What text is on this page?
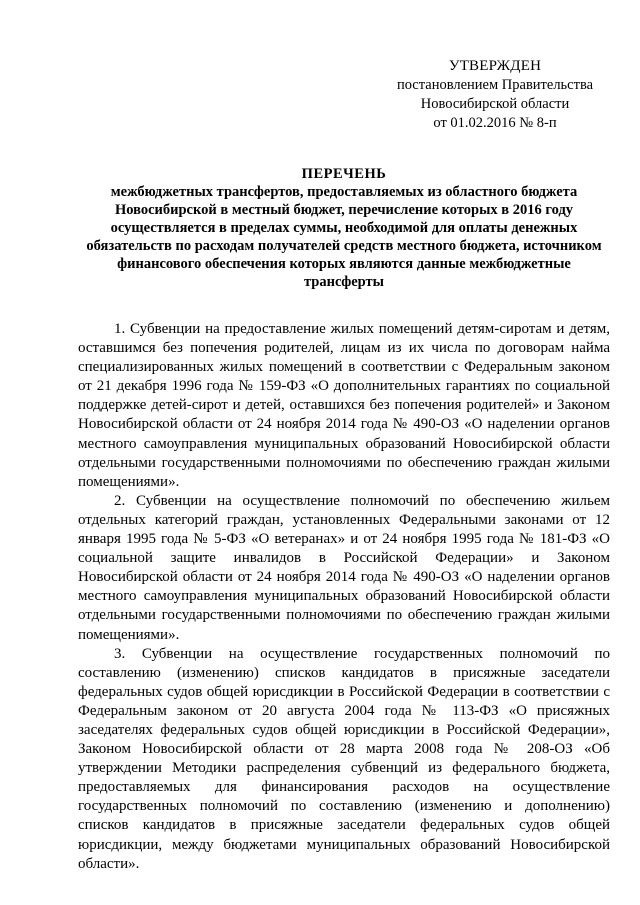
УТВЕРЖДЕН
постановлением Правительства
Новосибирской области
от 01.02.2016 № 8-п
ПЕРЕЧЕНЬ
межбюджетных трансфертов, предоставляемых из областного бюджета Новосибирской в местный бюджет, перечисление которых в 2016 году осуществляется в пределах суммы, необходимой для оплаты денежных обязательств по расходам получателей средств местного бюджета, источником финансового обеспечения которых являются данные межбюджетные трансферты

1. Субвенции на предоставление жилых помещений детям-сиротам и детям, оставшимся без попечения родителей, лицам из их числа по договорам найма специализированных жилых помещений в соответствии с Федеральным законом от 21 декабря 1996 года № 159-ФЗ «О дополнительных гарантиях по социальной поддержке детей-сирот и детей, оставшихся без попечения родителей» и Законом Новосибирской области от 24 ноября 2014 года № 490-ОЗ «О наделении органов местного самоуправления муниципальных образований Новосибирской области отдельными государственными полномочиями по обеспечению граждан жилыми помещениями».

2. Субвенции на осуществление полномочий по обеспечению жильем отдельных категорий граждан, установленных Федеральными законами от 12 января 1995 года № 5-ФЗ «О ветеранах» и от 24 ноября 1995 года № 181-ФЗ «О социальной защите инвалидов в Российской Федерации» и Законом Новосибирской области от 24 ноября 2014 года № 490-ОЗ «О наделении органов местного самоуправления муниципальных образований Новосибирской области отдельными государственными полномочиями по обеспечению граждан жилыми помещениями».

3. Субвенции на осуществление государственных полномочий по составлению (изменению) списков кандидатов в присяжные заседатели федеральных судов общей юрисдикции в Российской Федерации в соответствии с Федеральным законом от 20 августа 2004 года № 113-ФЗ «О присяжных заседателях федеральных судов общей юрисдикции в Российской Федерации», Законом Новосибирской области от 28 марта 2008 года № 208-ОЗ «Об утверждении Методики распределения субвенций из федерального бюджета, предоставляемых для финансирования расходов на осуществление государственных полномочий по составлению (изменению и дополнению) списков кандидатов в присяжные заседатели федеральных судов общей юрисдикции, между бюджетами муниципальных образований Новосибирской области».
